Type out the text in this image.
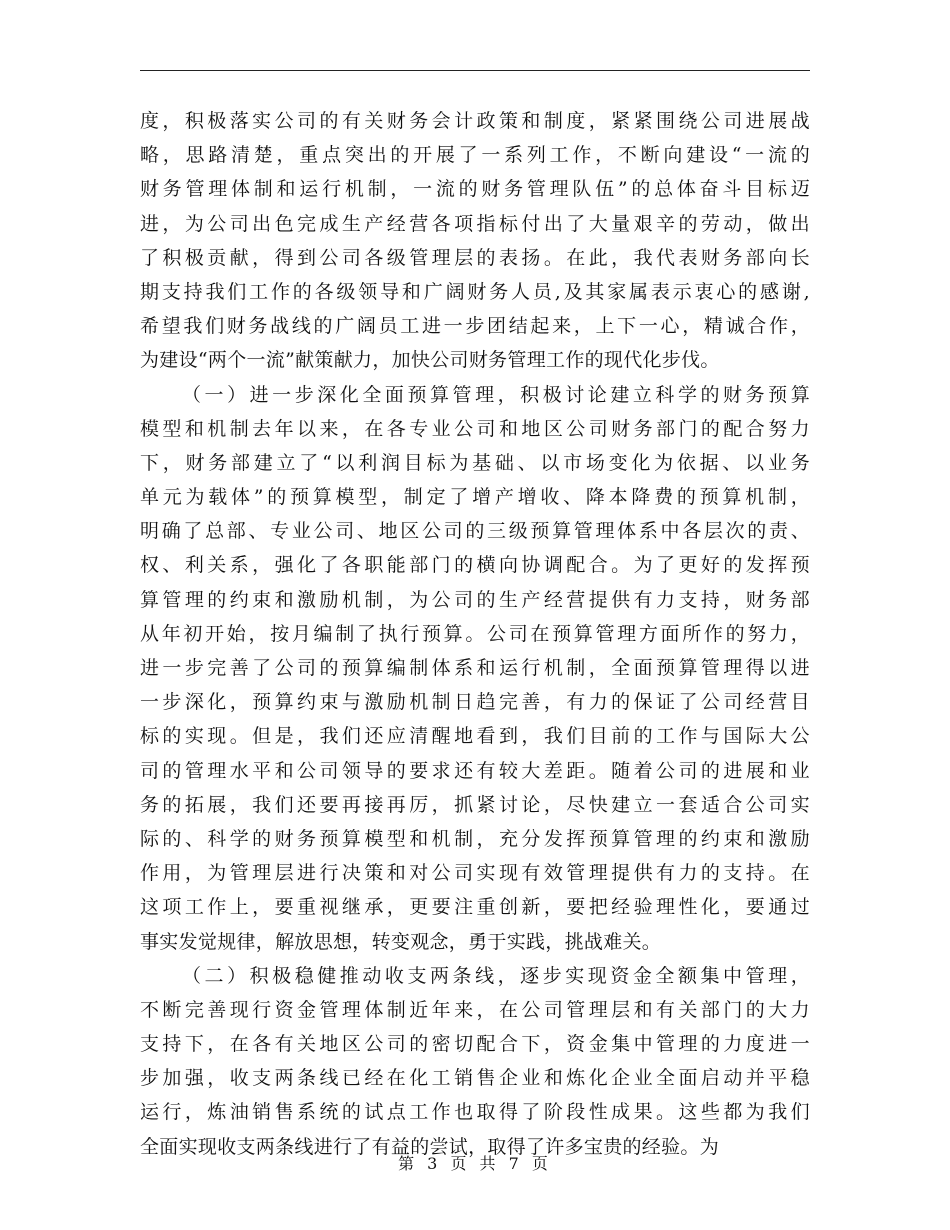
度，积极落实公司的有关财务会计政策和制度，紧紧围绕公司进展战
略，思路清楚，重点突出的开展了一系列工作，不断向建设“一流的
财务管理体制和运行机制，一流的财务管理队伍”的总体奋斗目标迈
进，为公司出色完成生产经营各项指标付出了大量艰辛的劳动，做出
了积极贡献，得到公司各级管理层的表扬。在此，我代表财务部向长
期支持我们工作的各级领导和广阔财务人员,及其家属表示衷心的感谢,
希望我们财务战线的广阔员工进一步团结起来，上下一心，精诚合作，
为建设“两个一流”献策献力，加快公司财务管理工作的现代化步伐。
（一）进一步深化全面预算管理，积极讨论建立科学的财务预算
模型和机制去年以来，在各专业公司和地区公司财务部门的配合努力
下，财务部建立了“以利润目标为基础、以市场变化为依据、以业务
单元为载体”的预算模型，制定了增产增收、降本降费的预算机制，
明确了总部、专业公司、地区公司的三级预算管理体系中各层次的责、
权、利关系，强化了各职能部门的横向协调配合。为了更好的发挥预
算管理的约束和激励机制，为公司的生产经营提供有力支持，财务部
从年初开始，按月编制了执行预算。公司在预算管理方面所作的努力，
进一步完善了公司的预算编制体系和运行机制，全面预算管理得以进
一步深化，预算约束与激励机制日趋完善，有力的保证了公司经营目
标的实现。但是，我们还应清醒地看到，我们目前的工作与国际大公
司的管理水平和公司领导的要求还有较大差距。随着公司的进展和业
务的拓展，我们还要再接再厉，抓紧讨论，尽快建立一套适合公司实
际的、科学的财务预算模型和机制，充分发挥预算管理的约束和激励
作用，为管理层进行决策和对公司实现有效管理提供有力的支持。在
这项工作上，要重视继承，更要注重创新，要把经验理性化，要通过
事实发觉规律，解放思想，转变观念，勇于实践，挑战难关。
（二）积极稳健推动收支两条线，逐步实现资金全额集中管理，
不断完善现行资金管理体制近年来，在公司管理层和有关部门的大力
支持下，在各有关地区公司的密切配合下，资金集中管理的力度进一
步加强，收支两条线已经在化工销售企业和炼化企业全面启动并平稳
运行，炼油销售系统的试点工作也取得了阶段性成果。这些都为我们
全面实现收支两条线进行了有益的尝试，取得了许多宝贵的经验。为
第 3 页 共 7 页
